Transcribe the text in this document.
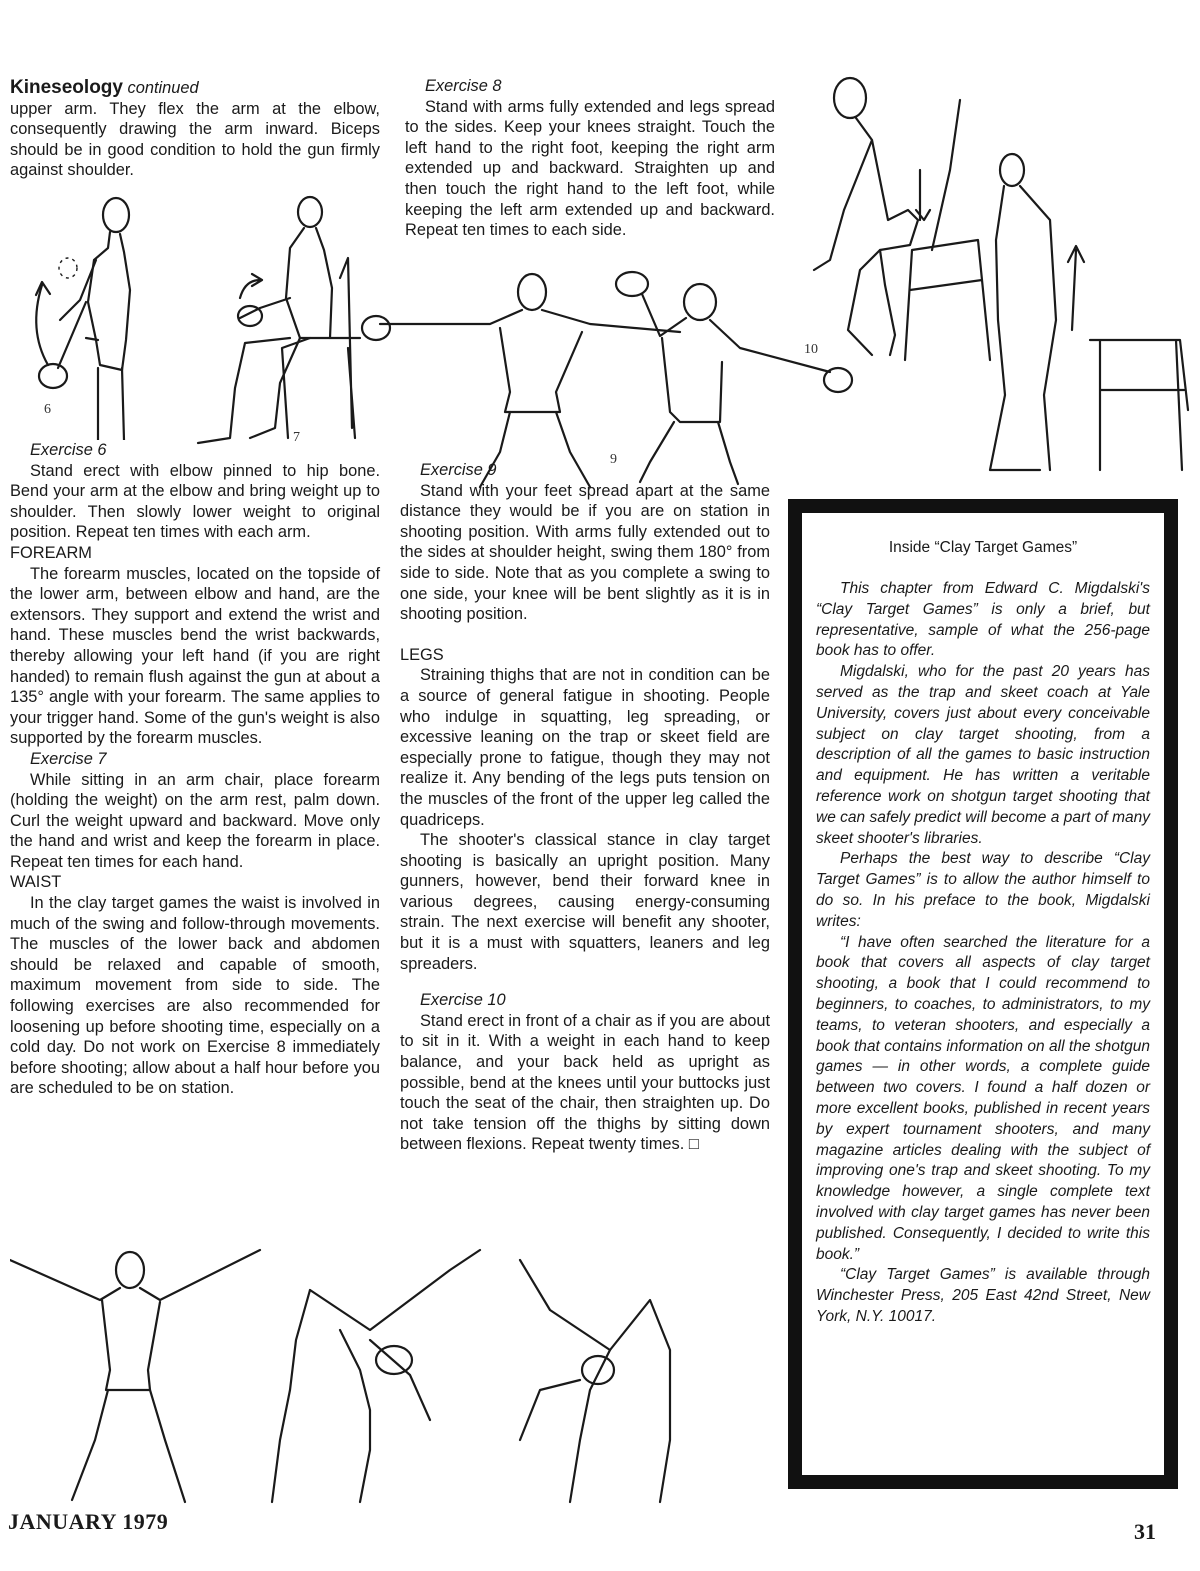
Kineseology continued

upper arm. They flex the arm at the elbow, consequently drawing the arm inward. Biceps should be in good condition to hold the gun firmly against shoulder.

6
7

Exercise 6

Stand erect with elbow pinned to hip bone. Bend your arm at the elbow and bring weight up to shoulder. Then slowly lower weight to original position. Repeat ten times with each arm.

FOREARM

The forearm muscles, located on the topside of the lower arm, between elbow and hand, are the extensors. They support and extend the wrist and hand. These muscles bend the wrist backwards, thereby allowing your left hand (if you are right handed) to remain flush against the gun at about a 135° angle with your forearm. The same applies to your trigger hand. Some of the gun's weight is also supported by the forearm muscles.

Exercise 7

While sitting in an arm chair, place forearm (holding the weight) on the arm rest, palm down. Curl the weight upward and backward. Move only the hand and wrist and keep the forearm in place. Repeat ten times for each hand.

WAIST

In the clay target games the waist is involved in much of the swing and follow-through movements. The muscles of the lower back and abdomen should be relaxed and capable of smooth, maximum movement from side to side. The following exercises are also recommended for loosening up before shooting time, especially on a cold day. Do not work on Exercise 8 immediately before shooting; allow about a half hour before you are scheduled to be on station.

Exercise 8

Stand with arms fully extended and legs spread to the sides. Keep your knees straight. Touch the left hand to the right foot, keeping the right arm extended up and backward. Straighten up and then touch the right hand to the left foot, while keeping the left arm extended up and backward. Repeat ten times to each side.

9
10

Exercise 9

Stand with your feet spread apart at the same distance they would be if you are on station in shooting position. With arms fully extended out to the sides at shoulder height, swing them 180° from side to side. Note that as you complete a swing to one side, your knee will be bent slightly as it is in shooting position.

LEGS

Straining thighs that are not in condition can be a source of general fatigue in shooting. People who indulge in squatting, leg spreading, or excessive leaning on the trap or skeet field are especially prone to fatigue, though they may not realize it. Any bending of the legs puts tension on the muscles of the front of the upper leg called the quadriceps.

The shooter's classical stance in clay target shooting is basically an upright position. Many gunners, however, bend their forward knee in various degrees, causing energy-consuming strain. The next exercise will benefit any shooter, but it is a must with squatters, leaners and leg spreaders.

Exercise 10

Stand erect in front of a chair as if you are about to sit in it. With a weight in each hand to keep balance, and your back held as upright as possible, bend at the knees until your buttocks just touch the seat of the chair, then straighten up. Do not take tension off the thighs by sitting down between flexions. Repeat twenty times. □

Inside “Clay Target Games”

This chapter from Edward C. Migdalski's “Clay Target Games” is only a brief, but representative, sample of what the 256-page book has to offer.

Migdalski, who for the past 20 years has served as the trap and skeet coach at Yale University, covers just about every conceivable subject on clay target shooting, from a description of all the games to basic instruction and equipment. He has written a veritable reference work on shotgun target shooting that we can safely predict will become a part of many skeet shooter's libraries.

Perhaps the best way to describe “Clay Target Games” is to allow the author himself to do so. In his preface to the book, Migdalski writes:

“I have often searched the literature for a book that covers all aspects of clay target shooting, a book that I could recommend to beginners, to coaches, to administrators, to my teams, to veteran shooters, and especially a book that contains information on all the shotgun games — in other words, a complete guide between two covers. I found a half dozen or more excellent books, published in recent years by expert tournament shooters, and many magazine articles dealing with the subject of improving one's trap and skeet shooting. To my knowledge however, a single complete text involved with clay target games has never been published. Consequently, I decided to write this book.”

“Clay Target Games” is available through Winchester Press, 205 East 42nd Street, New York, N.Y. 10017.

JANUARY 1979	31
